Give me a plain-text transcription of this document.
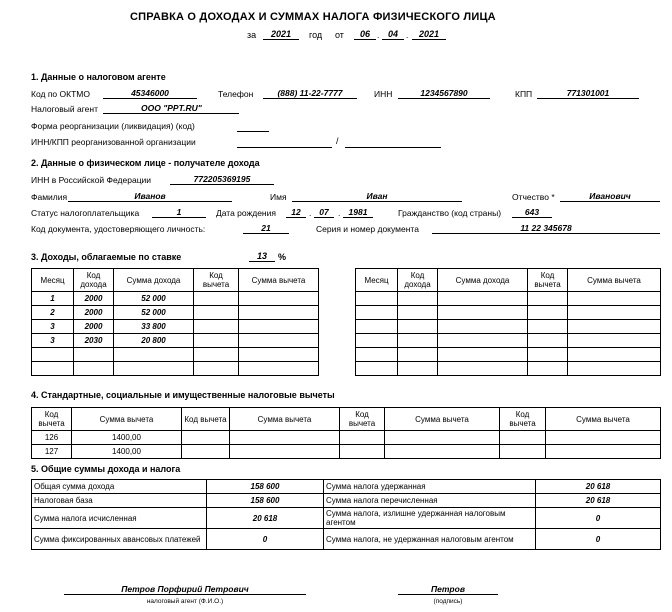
СПРАВКА О ДОХОДАХ И СУММАХ НАЛОГА ФИЗИЧЕСКОГО ЛИЦА
за	2021	год от	06 . 04 .	2021
1. Данные о налоговом агенте
Код по ОКТМО	45346000	Телефон	(888) 11-22-7777	ИНН	1234567890	КПП	771301001
Налоговый агент	ООО "PPT.RU"
Форма реорганизации (ликвидация) (код)
ИНН/КПП реорганизованной организации	/
2. Данные о физическом лице - получателе дохода
ИНН в Российской Федерации	772205369195
Фамилия	Иванов	Имя	Иван	Отчество *	Иванович
Статус налогоплательщика	1	Дата рождения	12 . 07	. 1981	Гражданство (код страны)	643
Код документа, удостоверяющего личность:	21	Серия и номер документа	11 22 345678
3. Доходы, облагаемые по ставке	13	%
Месяц	Код дохода	Сумма дохода	Код вычета	Сумма вычета
1	2000	52 000		
2	2000	52 000		
3	2000	33 800		
3	2030	20 800		

Месяц	Код дохода	Сумма дохода	Код вычета	Сумма вычета

4. Стандартные, социальные и имущественные налоговые вычеты
Код вычета	Сумма вычета	Код вычета	Сумма вычета	Код вычета	Сумма вычета	Код вычета	Сумма вычета
126	1400,00						
127	1400,00						
5. Общие суммы дохода и налога
Общая сумма дохода	158 600	Сумма налога удержанная	20 618
Налоговая база	158 600	Сумма налога перечисленная	20 618
Сумма налога исчисленная	20 618	Сумма налога, излишне удержанная налоговым агентом	0
Сумма фиксированных авансовых платежей	0	Сумма налога, не удержанная налоговым агентом	0
Петров Порфирий Петрович
налоговый агент (Ф.И.О.)
Петров
(подпись)
